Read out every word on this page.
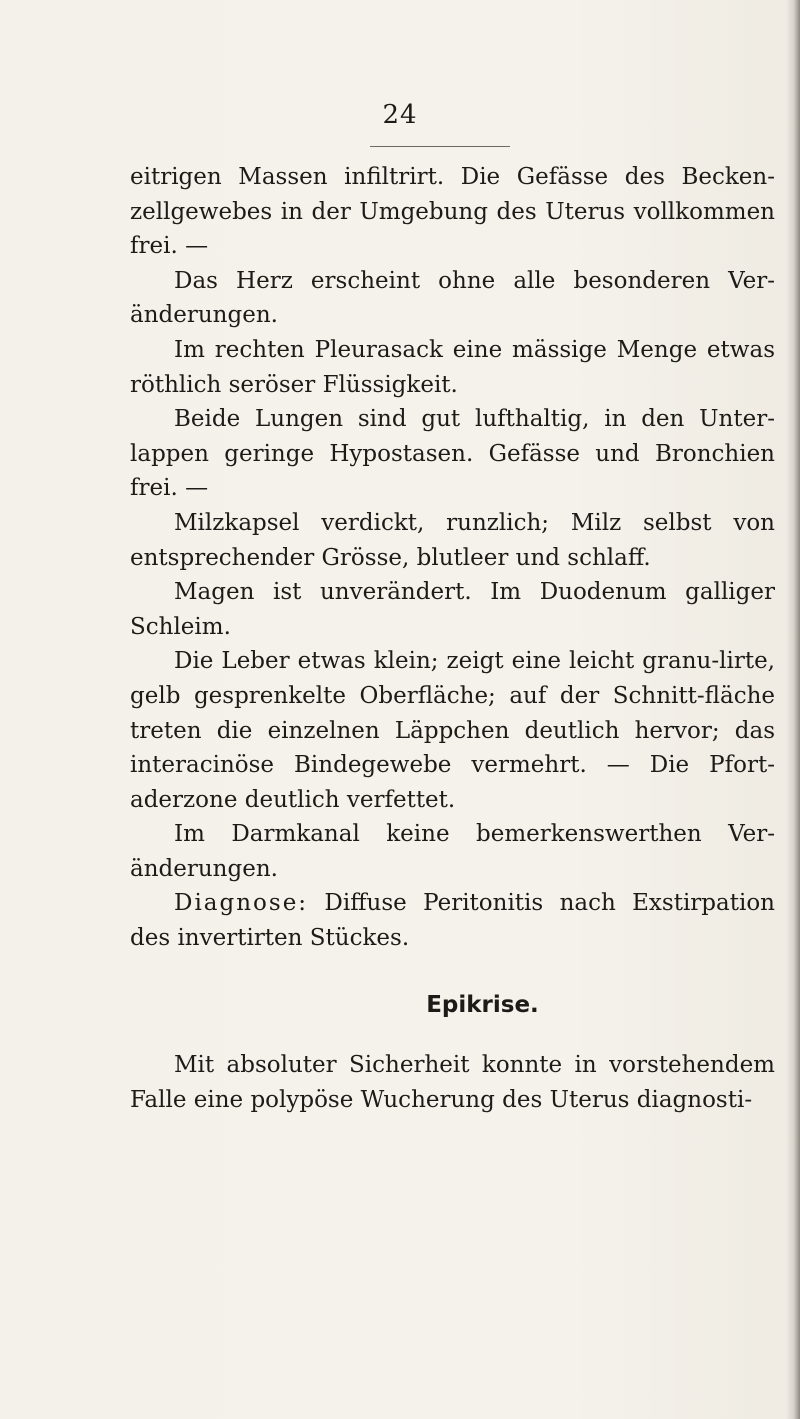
24

eitrigen Massen infiltrirt. Die Gefässe des Becken-zellgewebes in der Umgebung des Uterus vollkommen frei. —

Das Herz erscheint ohne alle besonderen Ver-änderungen.

Im rechten Pleurasack eine mässige Menge etwas röthlich seröser Flüssigkeit.

Beide Lungen sind gut lufthaltig, in den Unter-lappen geringe Hypostasen. Gefässe und Bronchien frei. —

Milzkapsel verdickt, runzlich; Milz selbst von entsprechender Grösse, blutleer und schlaff.

Magen ist unverändert. Im Duodenum galliger Schleim.

Die Leber etwas klein; zeigt eine leicht granu-lirte, gelb gesprenkelte Oberfläche; auf der Schnitt-fläche treten die einzelnen Läppchen deutlich hervor; das interacinöse Bindegewebe vermehrt. — Die Pfort-aderzone deutlich verfettet.

Im Darmkanal keine bemerkenswerthen Ver-änderungen.

Diagnose: Diffuse Peritonitis nach Exstirpation des invertirten Stückes.

Epikrise.

Mit absoluter Sicherheit konnte in vorstehendem Falle eine polypöse Wucherung des Uterus diagnosti-
